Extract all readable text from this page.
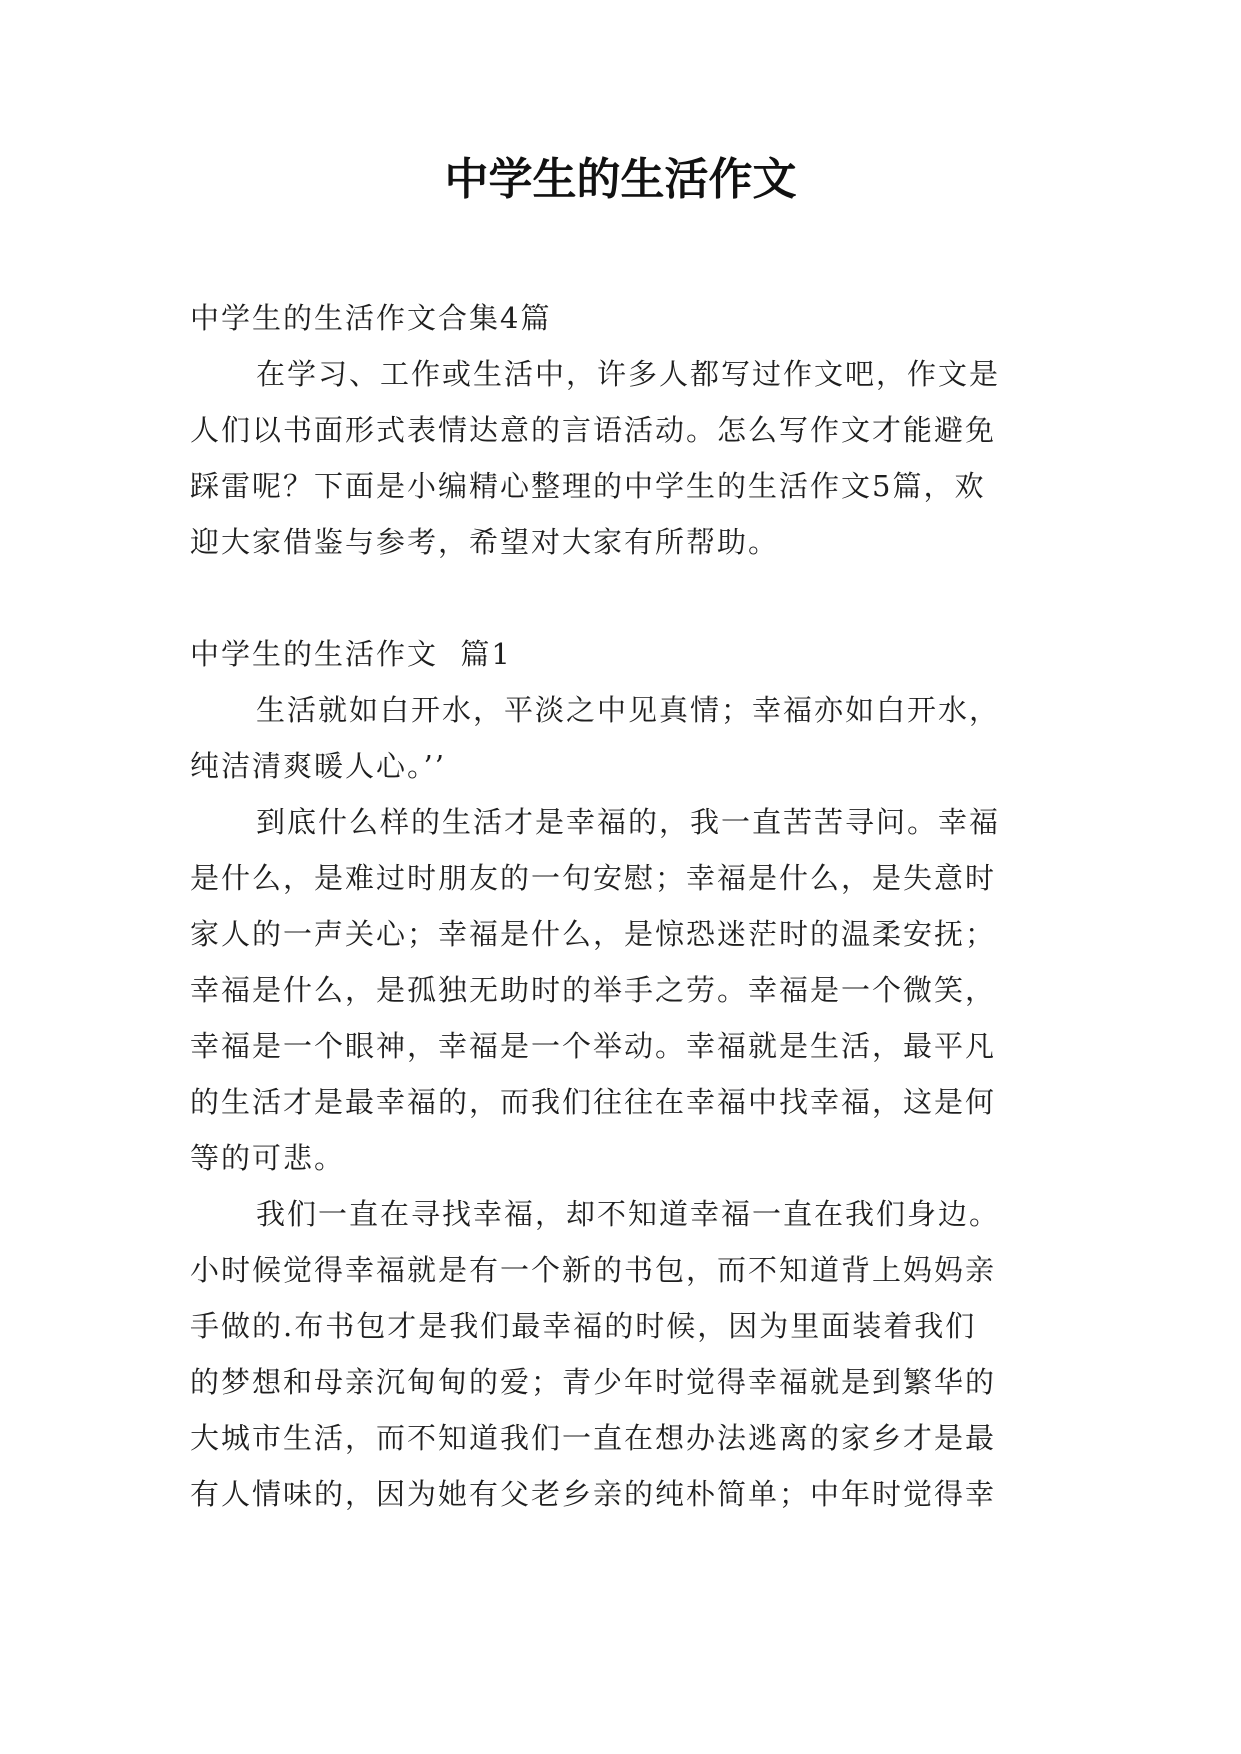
中学生的生活作文

中学生的生活作文合集4篇

在学习、工作或生活中，许多人都写过作文吧，作文是

人们以书面形式表情达意的言语活动。怎么写作文才能避免

踩雷呢？下面是小编精心整理的中学生的生活作文5篇，欢

迎大家借鉴与参考，希望对大家有所帮助。

中学生的生活作文  篇1

生活就如白开水，平淡之中见真情；幸福亦如白开水，

纯洁清爽暖人心。’’

到底什么样的生活才是幸福的，我一直苦苦寻问。幸福

是什么，是难过时朋友的一句安慰；幸福是什么，是失意时

家人的一声关心；幸福是什么，是惊恐迷茫时的温柔安抚；

幸福是什么，是孤独无助时的举手之劳。幸福是一个微笑，

幸福是一个眼神，幸福是一个举动。幸福就是生活，最平凡

的生活才是最幸福的，而我们往往在幸福中找幸福，这是何

等的可悲。

我们一直在寻找幸福，却不知道幸福一直在我们身边。

小时候觉得幸福就是有一个新的书包，而不知道背上妈妈亲

手做的.布书包才是我们最幸福的时候，因为里面装着我们

的梦想和母亲沉甸甸的爱；青少年时觉得幸福就是到繁华的

大城市生活，而不知道我们一直在想办法逃离的家乡才是最

有人情味的，因为她有父老乡亲的纯朴简单；中年时觉得幸
